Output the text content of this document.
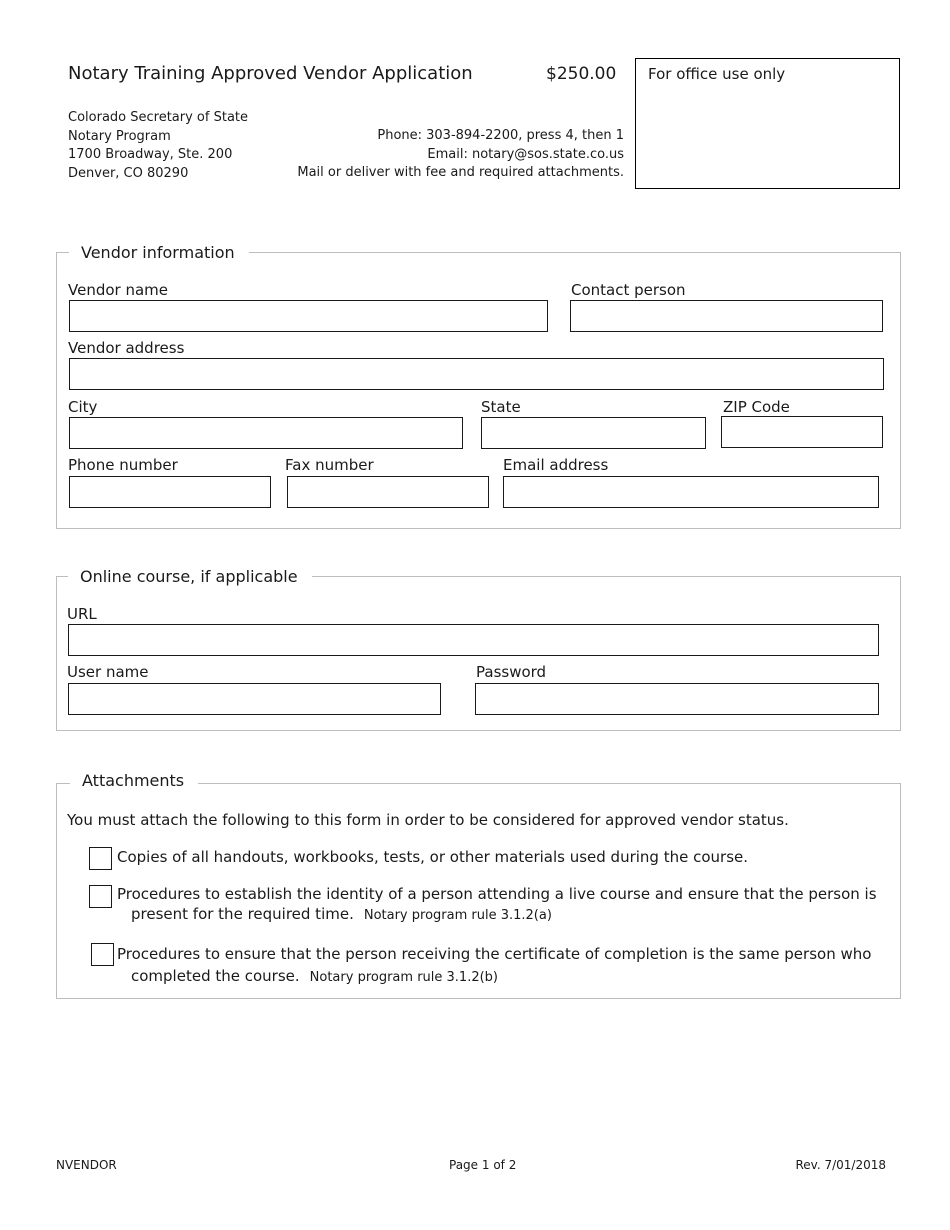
Notary Training Approved Vendor Application	$250.00 For office use only
Colorado Secretary of State
Notary Program
1700 Broadway, Ste. 200
Denver, CO 80290
Phone: 303-894-2200, press 4, then 1
Email: notary@sos.state.co.us
Mail or deliver with fee and required attachments.
Vendor information
Vendor name	Contact person
Vendor address
City	State	ZIP Code
Phone number	Fax number	Email address
Online course, if applicable
URL
User name	Password
Attachments
You must attach the following to this form in order to be considered for approved vendor status.
Copies of all handouts, workbooks, tests, or other materials used during the course.
Procedures to establish the identity of a person attending a live course and ensure that the person is
present for the required time. Notary program rule 3.1.2(a)
Procedures to ensure that the person receiving the certificate of completion is the same person who
completed the course. Notary program rule 3.1.2(b)
NVENDOR	Page 1 of 2	Rev. 7/01/2018
